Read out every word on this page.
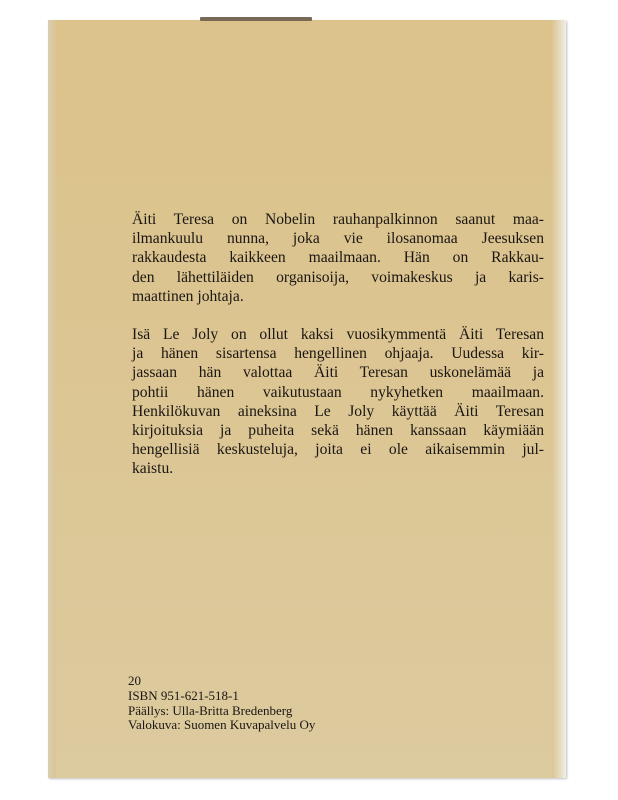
Äiti Teresa on Nobelin rauhanpalkinnon saanut maa-
ilmankuulu nunna, joka vie ilosanomaa Jeesuksen
rakkaudesta kaikkeen maailmaan. Hän on Rakkau-
den lähettiläiden organisoija, voimakeskus ja karis-
maattinen johtaja.
Isä Le Joly on ollut kaksi vuosikymmentä Äiti Teresan
ja hänen sisartensa hengellinen ohjaaja. Uudessa kir-
jassaan hän valottaa Äiti Teresan uskonelämää ja
pohtii hänen vaikutustaan nykyhetken maailmaan.
Henkilökuvan aineksina Le Joly käyttää Äiti Teresan
kirjoituksia ja puheita sekä hänen kanssaan käymiään
hengellisiä keskusteluja, joita ei ole aikaisemmin jul-
kaistu.
20
ISBN 951-621-518-1
Päällys: Ulla-Britta Bredenberg
Valokuva: Suomen Kuvapalvelu Oy
